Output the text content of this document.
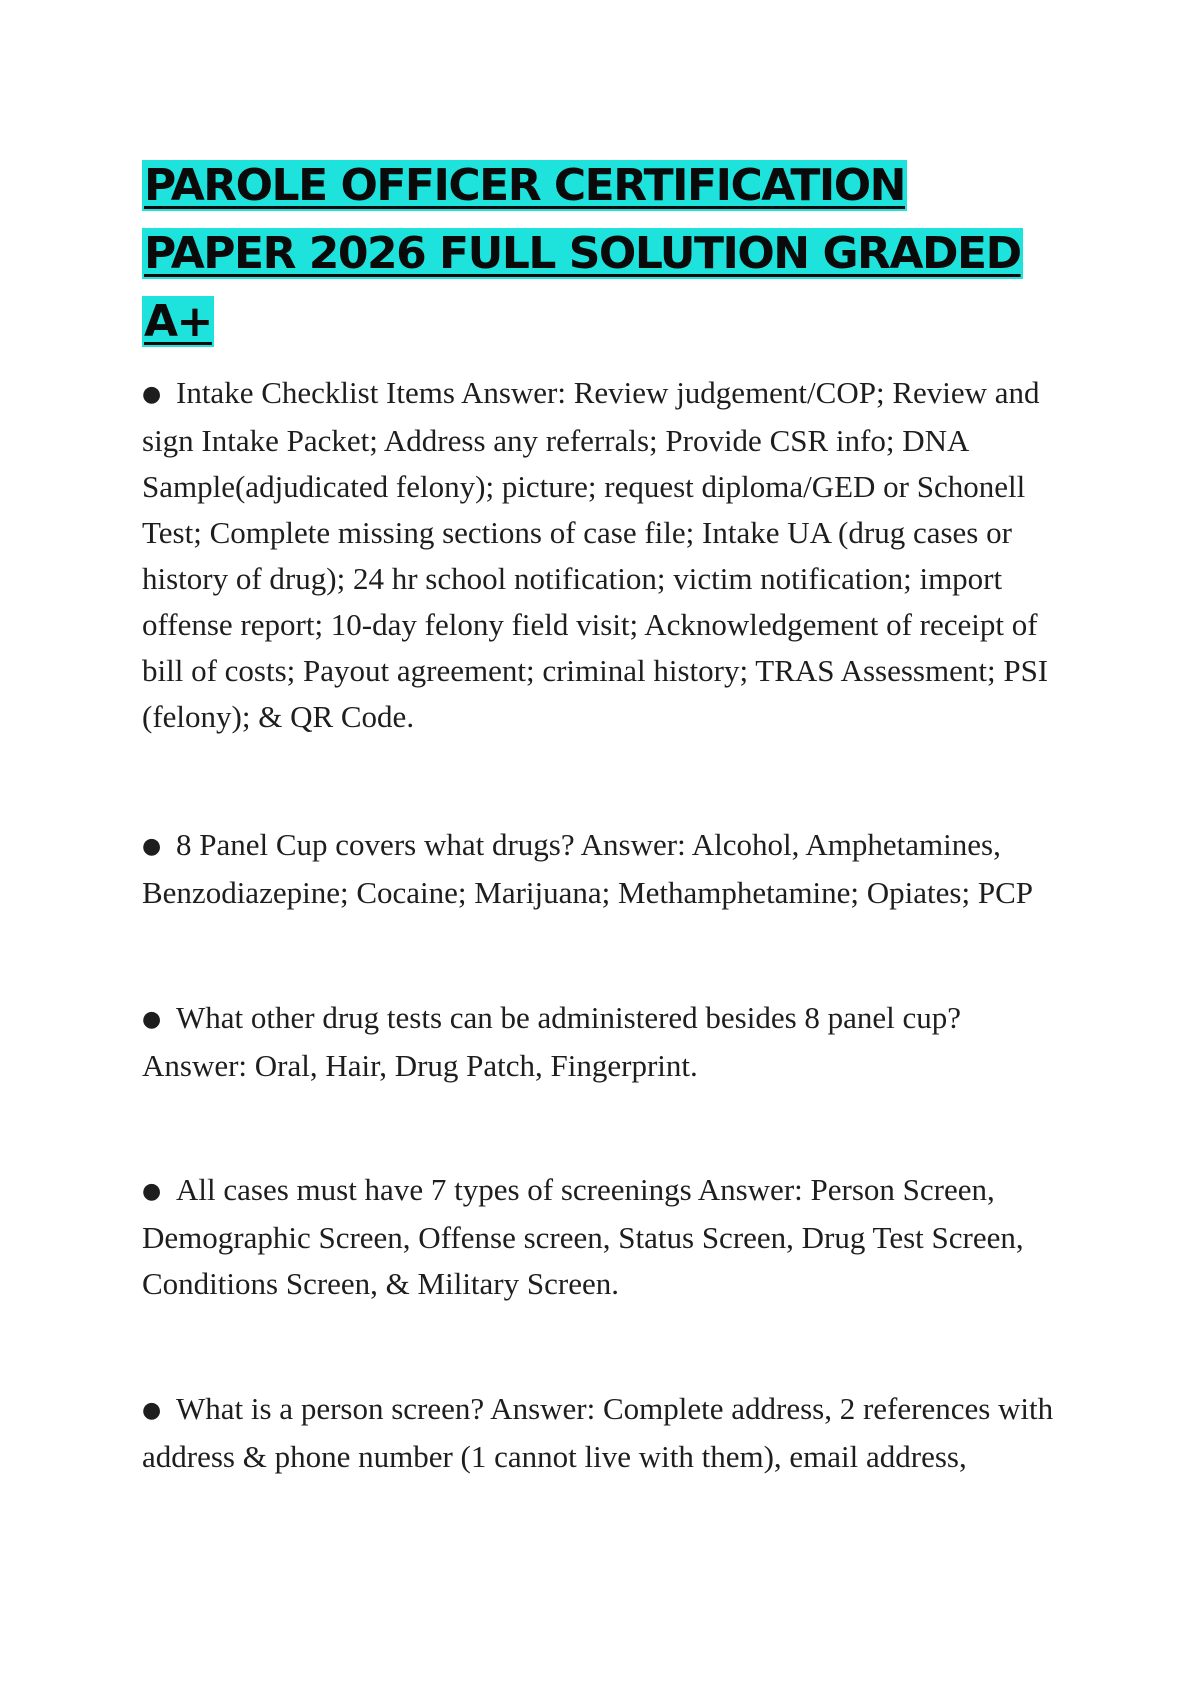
PAROLE OFFICER CERTIFICATION PAPER 2026 FULL SOLUTION GRADED A+

● Intake Checklist Items Answer: Review judgement/COP; Review and sign Intake Packet; Address any referrals; Provide CSR info; DNA Sample(adjudicated felony); picture; request diploma/GED or Schonell Test; Complete missing sections of case file; Intake UA (drug cases or history of drug); 24 hr school notification; victim notification; import offense report; 10-day felony field visit; Acknowledgement of receipt of bill of costs; Payout agreement; criminal history; TRAS Assessment; PSI (felony); & QR Code.

● 8 Panel Cup covers what drugs? Answer: Alcohol, Amphetamines, Benzodiazepine; Cocaine; Marijuana; Methamphetamine; Opiates; PCP

● What other drug tests can be administered besides 8 panel cup? Answer: Oral, Hair, Drug Patch, Fingerprint.

● All cases must have 7 types of screenings Answer: Person Screen, Demographic Screen, Offense screen, Status Screen, Drug Test Screen, Conditions Screen, & Military Screen.

● What is a person screen? Answer: Complete address, 2 references with address & phone number (1 cannot live with them), email address,
